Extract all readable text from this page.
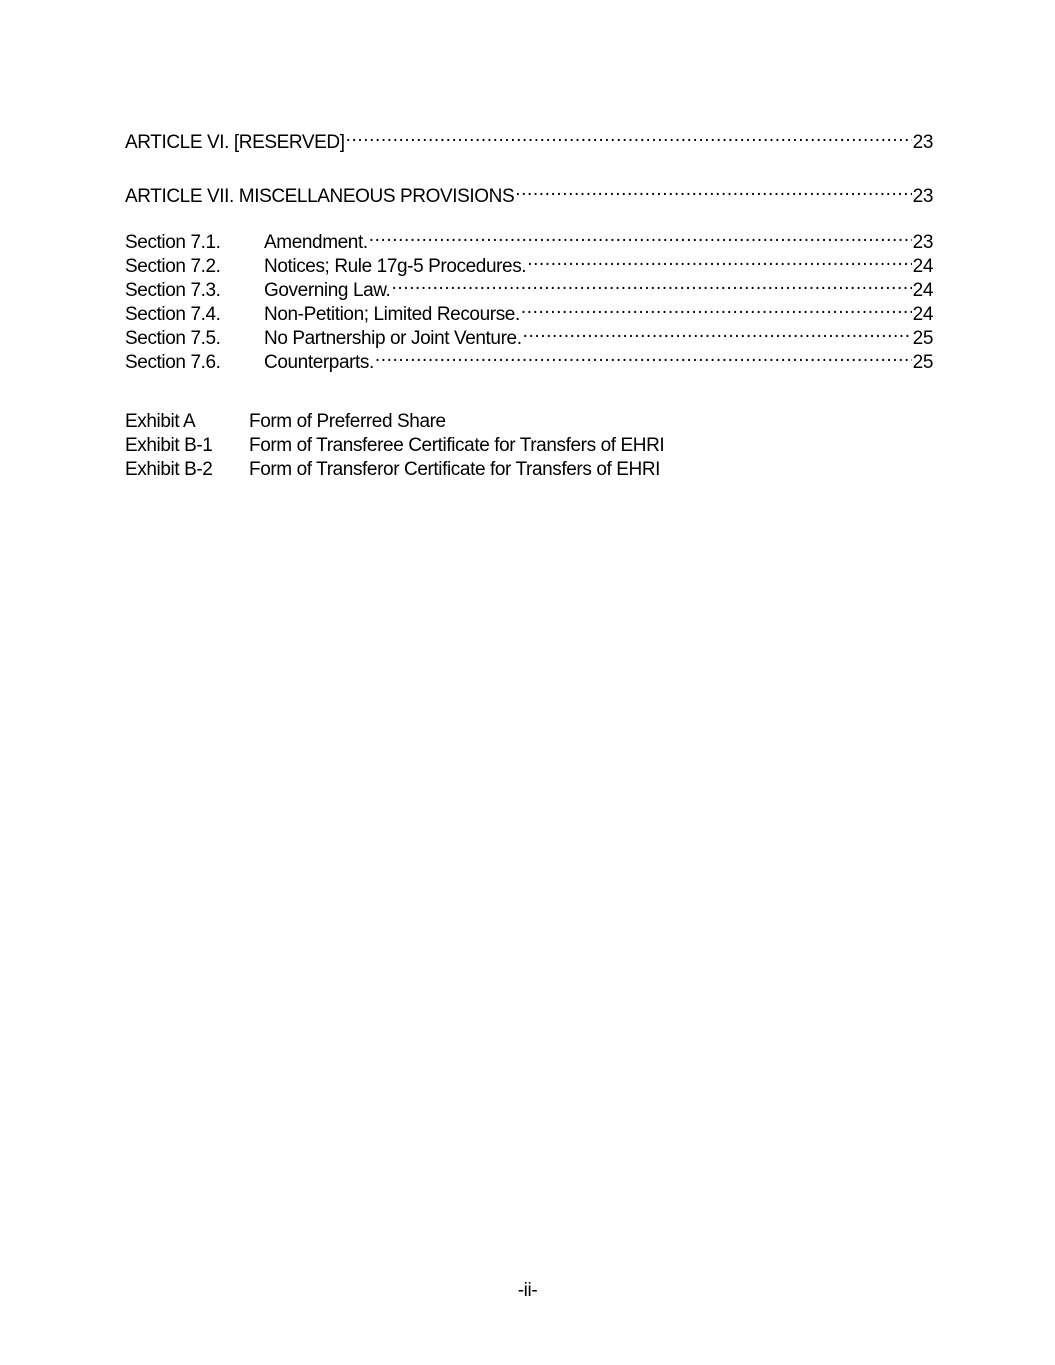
ARTICLE VI. [RESERVED] .....	23
ARTICLE VII. MISCELLANEOUS PROVISIONS .....	23
Section 7.1.	Amendment. .....	23
Section 7.2.	Notices; Rule 17g-5 Procedures. .....	24
Section 7.3.	Governing Law. .....	24
Section 7.4.	Non-Petition; Limited Recourse. .....	24
Section 7.5.	No Partnership or Joint Venture. .....	25
Section 7.6.	Counterparts. .....	25
Exhibit A	Form of Preferred Share
Exhibit B-1	Form of Transferee Certificate for Transfers of EHRI
Exhibit B-2	Form of Transferor Certificate for Transfers of EHRI
-ii-
